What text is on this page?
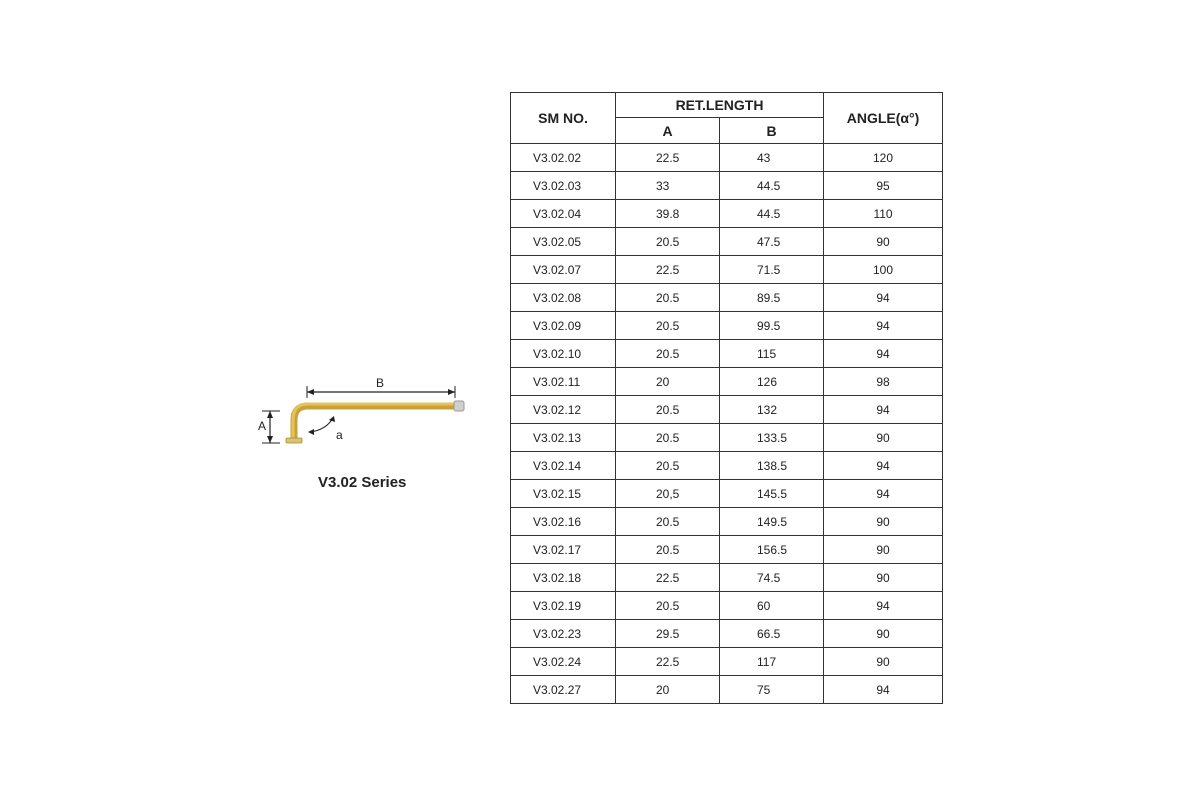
B
A
a
V3.02 Series
SM NO.	RET.LENGTH		ANGLE(α°)
	A	B	
V3.02.02	22.5	43	120
V3.02.03	33	44.5	95
V3.02.04	39.8	44.5	110
V3.02.05	20.5	47.5	90
V3.02.07	22.5	71.5	100
V3.02.08	20.5	89.5	94
V3.02.09	20.5	99.5	94
V3.02.10	20.5	115	94
V3.02.11	20	126	98
V3.02.12	20.5	132	94
V3.02.13	20.5	133.5	90
V3.02.14	20.5	138.5	94
V3.02.15	20,5	145.5	94
V3.02.16	20.5	149.5	90
V3.02.17	20.5	156.5	90
V3.02.18	22.5	74.5	90
V3.02.19	20.5	60	94
V3.02.23	29.5	66.5	90
V3.02.24	22.5	117	90
V3.02.27	20	75	94
